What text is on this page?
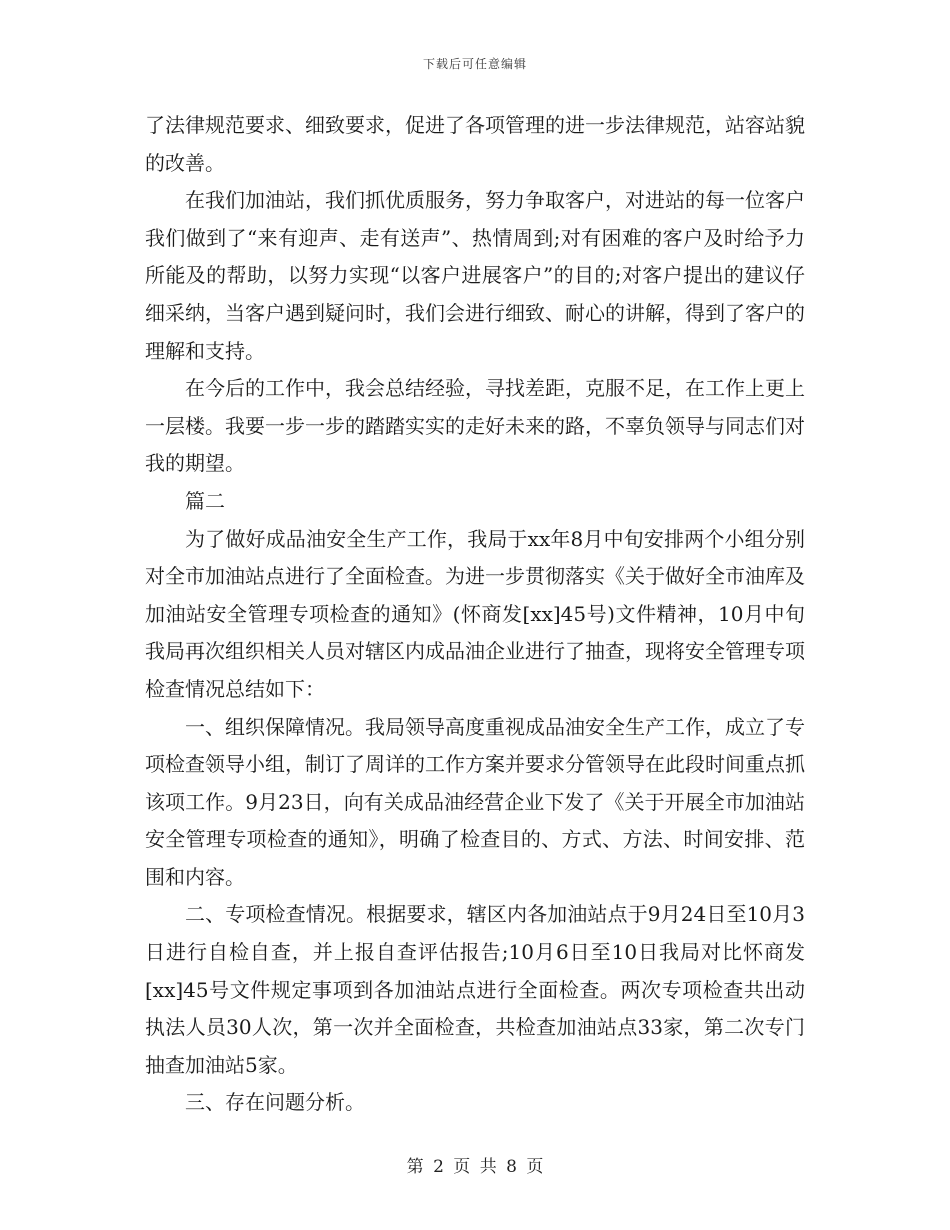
下载后可任意编辑

了法律规范要求、细致要求，促进了各项管理的进一步法律规范，站容站貌的改善。

在我们加油站，我们抓优质服务，努力争取客户，对进站的每一位客户我们做到了“来有迎声、走有送声”、热情周到;对有困难的客户及时给予力所能及的帮助，以努力实现“以客户进展客户”的目的;对客户提出的建议仔细采纳，当客户遇到疑问时，我们会进行细致、耐心的讲解，得到了客户的理解和支持。

在今后的工作中，我会总结经验，寻找差距，克服不足，在工作上更上一层楼。我要一步一步的踏踏实实的走好未来的路，不辜负领导与同志们对我的期望。

篇二

为了做好成品油安全生产工作，我局于xx年8月中旬安排两个小组分别对全市加油站点进行了全面检查。为进一步贯彻落实《关于做好全市油库及加油站安全管理专项检查的通知》(怀商发[xx]45号)文件精神，10月中旬我局再次组织相关人员对辖区内成品油企业进行了抽查，现将安全管理专项检查情况总结如下：

一、组织保障情况。我局领导高度重视成品油安全生产工作，成立了专项检查领导小组，制订了周详的工作方案并要求分管领导在此段时间重点抓该项工作。9月23日，向有关成品油经营企业下发了《关于开展全市加油站安全管理专项检查的通知》，明确了检查目的、方式、方法、时间安排、范围和内容。

二、专项检查情况。根据要求，辖区内各加油站点于9月24日至10月3日进行自检自查，并上报自查评估报告;10月6日至10日我局对比怀商发[xx]45号文件规定事项到各加油站点进行全面检查。两次专项检查共出动执法人员30人次，第一次并全面检查，共检查加油站点33家，第二次专门抽查加油站5家。

三、存在问题分析。

第 2 页 共 8 页
